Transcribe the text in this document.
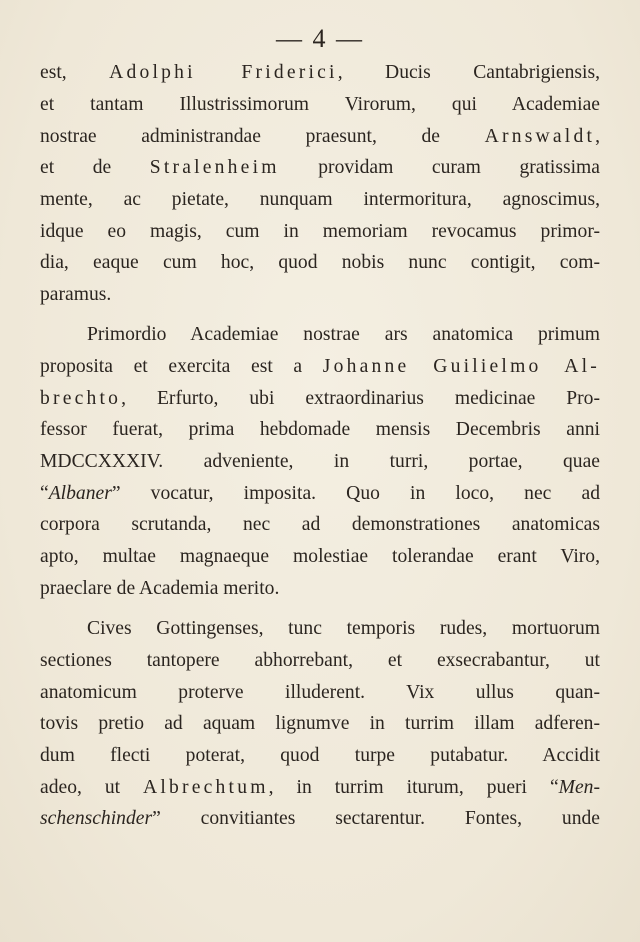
— 4 —
est, Adolphi Friderici, Ducis Cantabrigiensis,
et tantam Illustrissimorum Virorum, qui Academiae
nostrae administrandae praesunt, de Arnswaldt,
et de Stralenheim providam curam gratissima
mente, ac pietate, nunquam intermoritura, agnoscimus,
idque eo magis, cum in memoriam revocamus primor-
dia, eaque cum hoc, quod nobis nunc contigit, com-
paramus.
Primordio Academiae nostrae ars anatomica primum
proposita et exercita est a Johanne Guilielmo Al-
brechto, Erfurto, ubi extraordinarius medicinae Pro-
fessor fuerat, prima hebdomade mensis Decembris anni
MDCCXXXIV. adveniente, in turri, portae, quae
“Albaner” vocatur, imposita. Quo in loco, nec ad
corpora scrutanda, nec ad demonstrationes anatomicas
apto, multae magnaeque molestiae tolerandae erant Viro,
praeclare de Academia merito.
Cives Gottingenses, tunc temporis rudes, mortuorum
sectiones tantopere abhorrebant, et exsecrabantur, ut
anatomicum proterve illuderent. Vix ullus quan-
tovis pretio ad aquam lignumve in turrim illam adferen-
dum flecti poterat, quod turpe putabatur. Accidit
adeo, ut Albrechtum, in turrim iturum, pueri “Men-
schenschinder” convitiantes sectarentur. Fontes, unde
